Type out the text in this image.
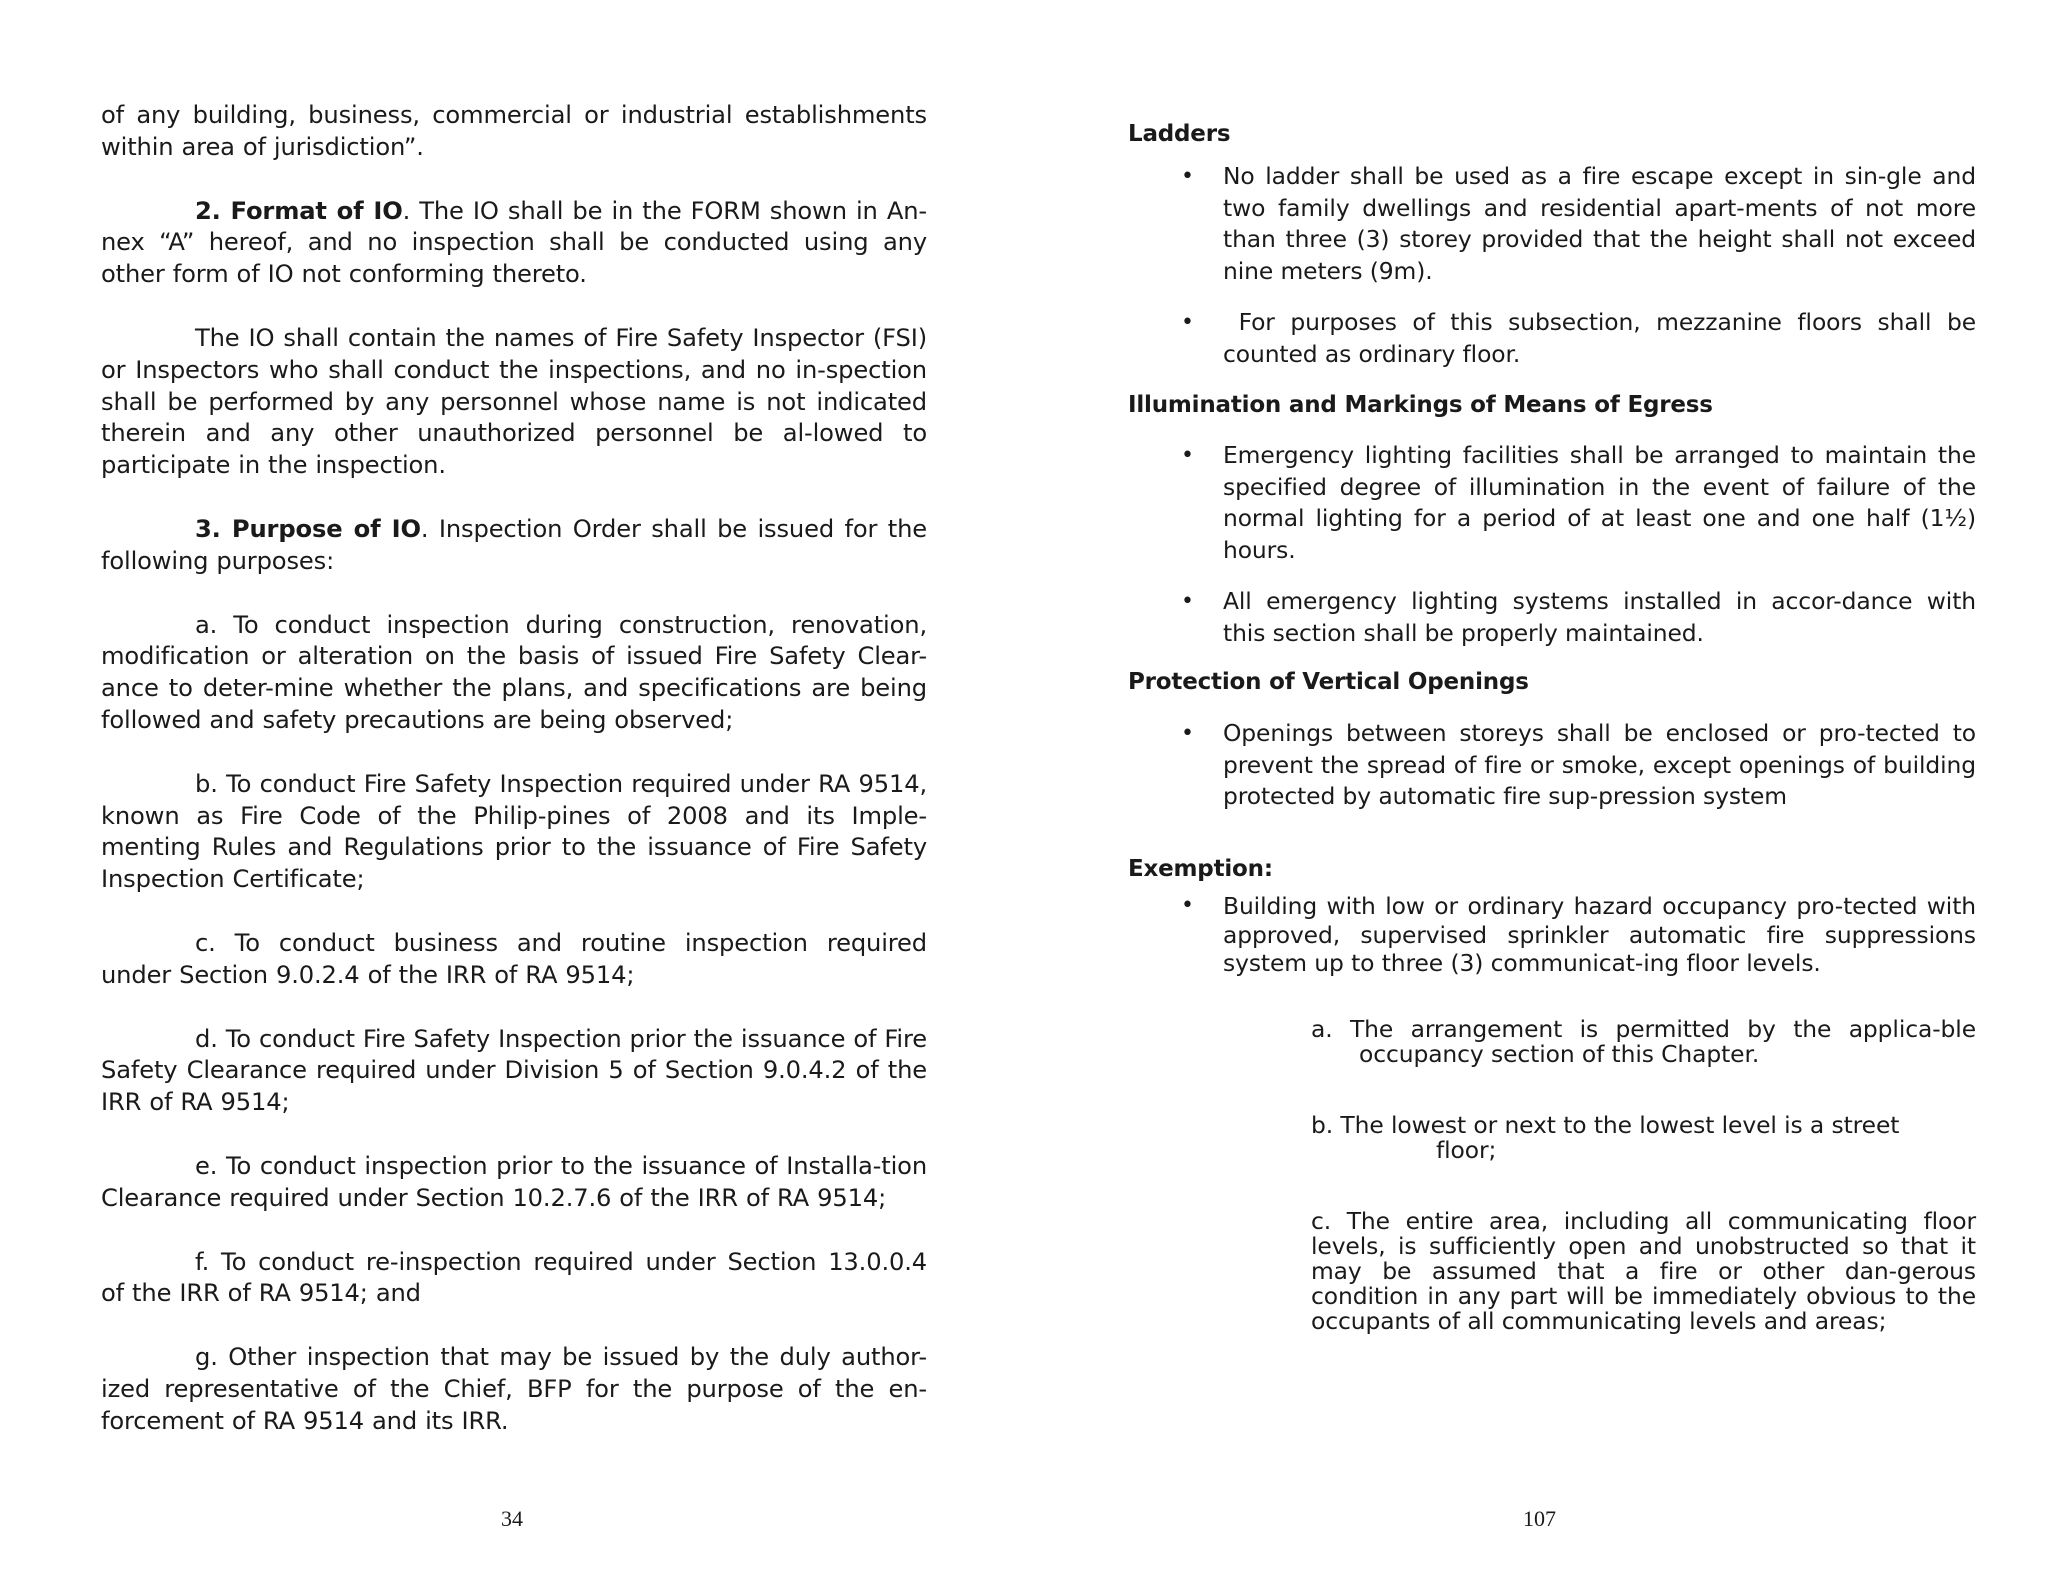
of any building, business, commercial or industrial establishments within area of jurisdiction”.

2. Format of IO. The IO shall be in the FORM shown in An-nex “A” hereof, and no inspection shall be conducted using any other form of IO not conforming thereto.

The IO shall contain the names of Fire Safety Inspector (FSI) or Inspectors who shall conduct the inspections, and no in-spection shall be performed by any personnel whose name is not indicated therein and any other unauthorized personnel be al-lowed to participate in the inspection.

3. Purpose of IO. Inspection Order shall be issued for the following purposes:

a. To conduct inspection during construction, renovation, modification or alteration on the basis of issued Fire Safety Clear-ance to deter-mine whether the plans, and specifications are being followed and safety precautions are being observed;

b. To conduct Fire Safety Inspection required under RA 9514, known as Fire Code of the Philip-pines of 2008 and its Imple-menting Rules and Regulations prior to the issuance of Fire Safety Inspection Certificate;

c. To conduct business and routine inspection required under Section 9.0.2.4 of the IRR of RA 9514;

d. To conduct Fire Safety Inspection prior the issuance of Fire Safety Clearance required under Division 5 of Section 9.0.4.2 of the IRR of RA 9514;

e. To conduct inspection prior to the issuance of Installa-tion Clearance required under Section 10.2.7.6 of the IRR of RA 9514;

f. To conduct re-inspection required under Section 13.0.0.4 of the IRR of RA 9514; and

g. Other inspection that may be issued by the duly author-ized representative of the Chief, BFP for the purpose of the en-forcement of RA 9514 and its IRR.

34
Ladders
• No ladder shall be used as a fire escape except in sin-gle and two family dwellings and residential apart-ments of not more than three (3) storey provided that the height shall not exceed nine meters (9m).
• For purposes of this subsection, mezzanine floors shall be counted as ordinary floor.
Illumination and Markings of Means of Egress
• Emergency lighting facilities shall be arranged to maintain the specified degree of illumination in the event of failure of the normal lighting for a period of at least one and one half (1½) hours.
• All emergency lighting systems installed in accor-dance with this section shall be properly maintained.
Protection of Vertical Openings
• Openings between storeys shall be enclosed or pro-tected to prevent the spread of fire or smoke, except openings of building protected by automatic fire sup-pression system
Exemption:
• Building with low or ordinary hazard occupancy pro-tected with approved, supervised sprinkler automatic fire suppressions system up to three (3) communicat-ing floor levels.
a. The arrangement is permitted by the applica-ble occupancy section of this Chapter.
b. The lowest or next to the lowest level is a street
floor;
c. The entire area, including all communicating floor levels, is sufficiently open and unobstructed so that it may be assumed that a fire or other dan-gerous condition in any part will be immediately obvious to the occupants of all communicating levels and areas;
107
